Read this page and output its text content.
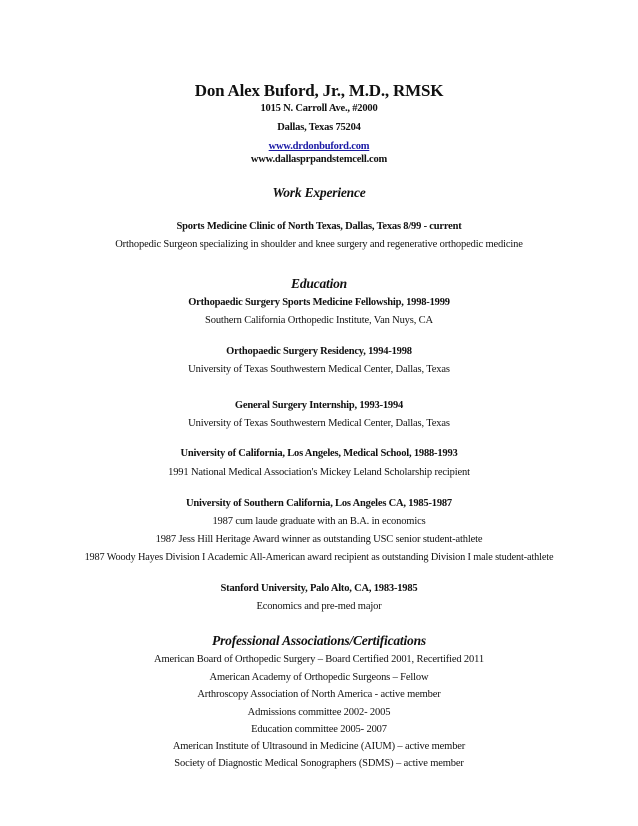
Don Alex Buford, Jr., M.D., RMSK
1015 N. Carroll Ave., #2000
Dallas, Texas 75204
www.drdonbuford.com
www.dallasprpandstemcell.com
Work Experience
Sports Medicine Clinic of North Texas, Dallas, Texas 8/99 - current
Orthopedic Surgeon specializing in shoulder and knee surgery and regenerative orthopedic medicine
Education
Orthopaedic Surgery Sports Medicine Fellowship, 1998-1999
Southern California Orthopedic Institute, Van Nuys, CA
Orthopaedic Surgery Residency, 1994-1998
University of Texas Southwestern Medical Center, Dallas, Texas
General Surgery Internship, 1993-1994
University of Texas Southwestern Medical Center, Dallas, Texas
University of California, Los Angeles, Medical School, 1988-1993
1991 National Medical Association's Mickey Leland Scholarship recipient
University of Southern California, Los Angeles CA, 1985-1987
1987 cum laude graduate with an B.A. in economics
1987 Jess Hill Heritage Award winner as outstanding USC senior student-athlete
1987 Woody Hayes Division I Academic All-American award recipient as outstanding Division I male student-athlete
Stanford University, Palo Alto, CA, 1983-1985
Economics and pre-med major
Professional Associations/Certifications
American Board of Orthopedic Surgery – Board Certified 2001, Recertified 2011
American Academy of Orthopedic Surgeons – Fellow
Arthroscopy Association of North America - active member
Admissions committee 2002- 2005
Education committee 2005- 2007
American Institute of Ultrasound in Medicine (AIUM) – active member
Society of Diagnostic Medical Sonographers (SDMS) – active member
